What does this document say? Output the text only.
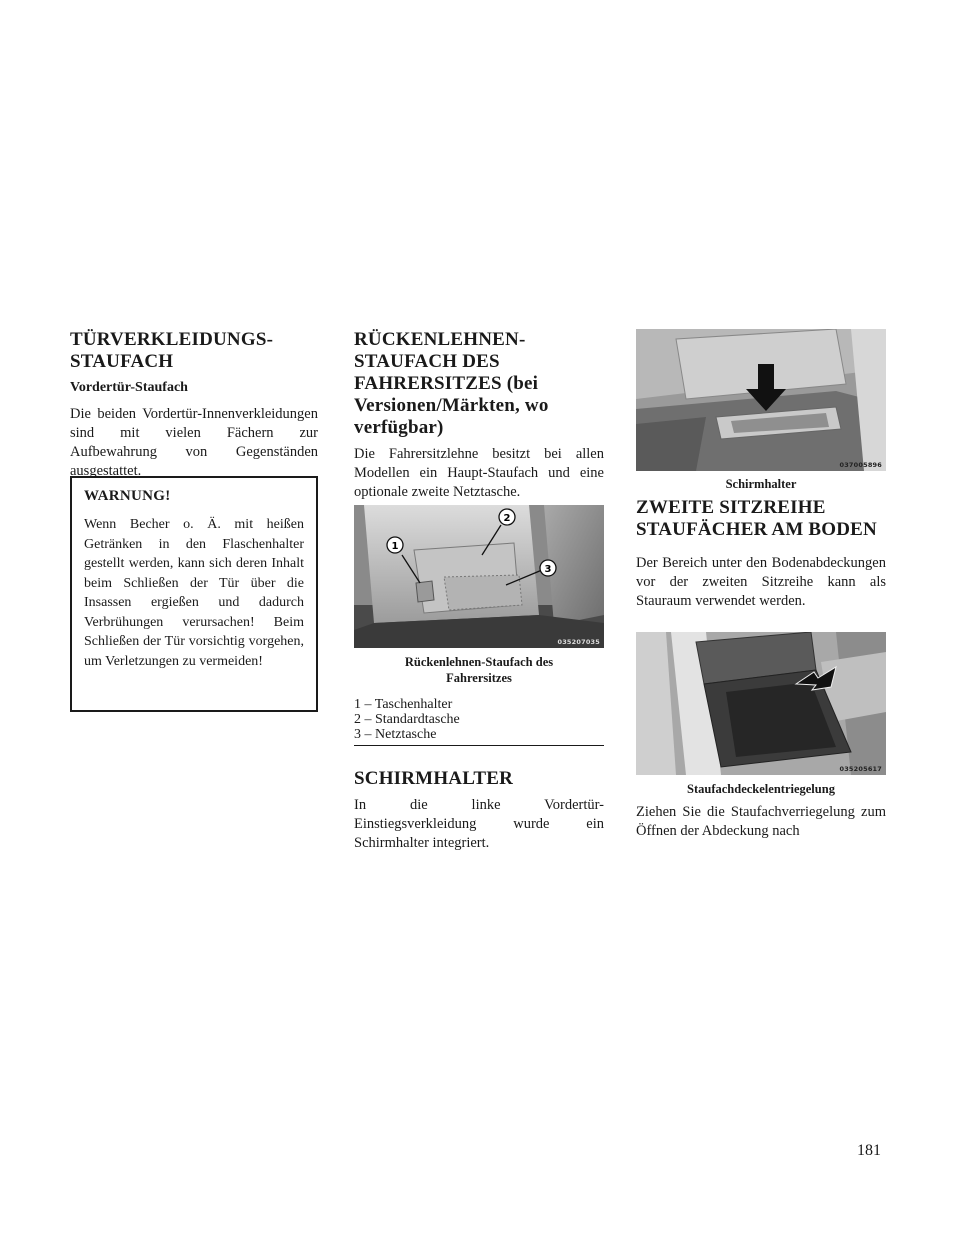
TÜRVERKLEIDUNGS-
STAUFACH
Vordertür-Staufach

Die beiden Vordertür-Innenverkleidungen sind mit vielen Fächern zur Aufbewahrung von Gegenständen ausgestattet.

WARNUNG!

Wenn Becher o. Ä. mit heißen Getränken in den Flaschenhalter gestellt werden, kann sich deren Inhalt beim Schließen der Tür über die Insassen ergießen und dadurch Verbrühungen verursachen! Beim Schließen der Tür vorsichtig vorgehen, um Verletzungen zu vermeiden!

RÜCKENLEHNEN-
STAUFACH DES
FAHRERSITZES (bei
Versionen/Märkten, wo
verfügbar)

Die Fahrersitzlehne besitzt bei allen Modellen ein Haupt-Staufach und eine optionale zweite Netztasche.

1
2
3
035207035
Rückenlehnen-Staufach des
Fahrersitzes
1 – Taschenhalter
2 – Standardtasche
3 – Netztasche
SCHIRMHALTER

In die linke Vordertür-Einstiegsverkleidung wurde ein Schirmhalter integriert.

037005896
Schirmhalter
ZWEITE SITZREIHE
STAUFÄCHER AM BODEN

Der Bereich unter den Bodenabdeckungen vor der zweiten Sitzreihe kann als Stauraum verwendet werden.

035205617
Staufachdeckelentriegelung

Ziehen Sie die Staufachverriegelung zum Öffnen der Abdeckung nach

181
